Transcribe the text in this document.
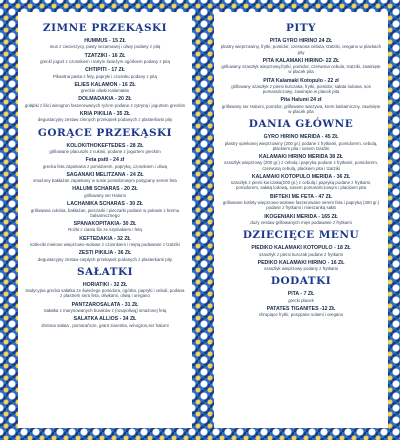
ZIMNE PRZEKĄSKI
HUMMUS - 15 ZŁ
mus z ciecierzycy, pasty sezamowej i oliwy podany z pitą
TZATZIKI - 16 ZŁ
greckí jogurt z czosnkiem i tartym świeżym ogórkiem podany z pitą
CHTIPITI - 17 ZŁ
Pikantna pasta z fety, papryki i czosnku podany z pitą
ELIES KALAMON - 16 ZŁ
greckie oliwki Kalamatas
DOLMADAKIA - 20 ZŁ
gołąbki z liści winogron faszerowanych ryżem podane z cytryną i jogurtem greckim
KRIA PIKILIA - 35 ZŁ
degustacyjny zestaw zimnych przekąsek podanych z plasterkami pity
GORĄCE PRZEKĄSKI
KOLOKITHOKEFTEDES - 28 ZŁ
grillowane placuszki z cukinii, podane z jogurtem greckim
Feta psiti - 24 zł
grecka feta zapiekana z pomidorem, papryką, czosnkiem i oliwą
SAGANAKI MELITZANA - 24 ZŁ
smażony bakłażan zapiekany w sosie pomidorowym posypany serem feta
HALUMI SCHARAS - 20 ZŁ
grillowany ser Halumi
LACHANIKA SCHARAS - 30 ZŁ
grillowana cukinia, bakłażan, pieczarki i pieczarki podane w połowie z kremu balsamicznego
SPANAKOPITAKIA- 30 ZŁ
Rożki z ciasta filo ze szpinakiem i fetą
KEFTEDAKIA - 32 ZŁ
kotleciki mielone wieprzowo-wołowe z czosnkiem i miętą podawane z tzatziki
ZESTI PIKILIA - 36 ZŁ
degustacyjny zestaw ciepłych przekąsek podanych z plasterkami pity
SAŁATKI
HORIATIKI - 32 ZŁ
tradycyjna grecka sałatka ze świeżego pomidora, ogórka, papryki i cebuli, podana z plastrem sera feta, oliwkami, oliwą i oregano
PANTZAROSALATA - 31 ZŁ
Sałatka z marynowanych buraków z (rosą/oliwą) smażonej fetą
SALATKA ALLIOS - 34 ZŁ
Zielona sałata , pomarańcze, grant ziarenka, winogron,ser halumi
PITY
PITA GYRO HIRINO 24 ZŁ
plastry wieprzowiny, frytki, pomidor, czerwona cebula, tzatziki, oregano w plackach pity
PITA KALAMAKI HIRINO- 22 ZŁ
grillowany szaszłyk wieprzowy,frytki, pomidor, czerwona cebula, tzatziki, zawinięte w placek pita
PITA Kalamaki Kotopulo - 22 zł
grillowany szaszłyk z piersi kurczaka, frytki, pomidor, sałata lodowa, sos pomarańczowy, zawinięte w placek pita
Pita Halumi 24 zł
grillowany ser Halumi, pomidor, grillowane warzywa, krem balsamiczny, zawinięte w placek pita
DANIA GŁÓWNE
GYRO HIRINO MERIDA - 45 ZŁ
plastry opiekanej wieprzowiny (200 gr.) podane z frytkami, pomidorem, cebulą, plackiem pita i sosem tzatziki
KALAMAKI HIRINO MERIDA 38 ZŁ
szaszłyk wieprzowy (200 gr.) z cebulą i papryką podane z frytkami, pomidorem, czerwoną cebulą, plackiem pita i tzatziki
KALAMAKI KOTOPULO MERIDA - 36 ZŁ
szaszłyk z piersi kurczaka(200 gr.) z cebulą i papryką podane z frytkami, pomidorem, sałatą lodową, sosem pomarańczowym i plackiem pita
BIFTEKI ME FETA - 47 ZŁ
grillowane kotlety wieprzowo-wołowe faszerowane serem feta i papryką (300 gr.) podane z frytkami i mieszanką sałat
IKOGENIAKI MERIDA - 165 ZŁ
duży zestaw grillowanych mięs podawane z frytkami
DZIECIĘCE MENU
PIEDIKO KALAMAKI KOTOPULO - 18 ZŁ
szaszłyk z piersi kurczak podane z frytkami
PEDIKO KALAMAKI HIRINO - 16 ZŁ
szaszłyk wieprzowy podany z frytkami
DODATKI
PITA - 7 ZŁ
grecki placek
PATATES TIGANITES -12 ZŁ
chrupiące frytki, posypane solami i oregano
